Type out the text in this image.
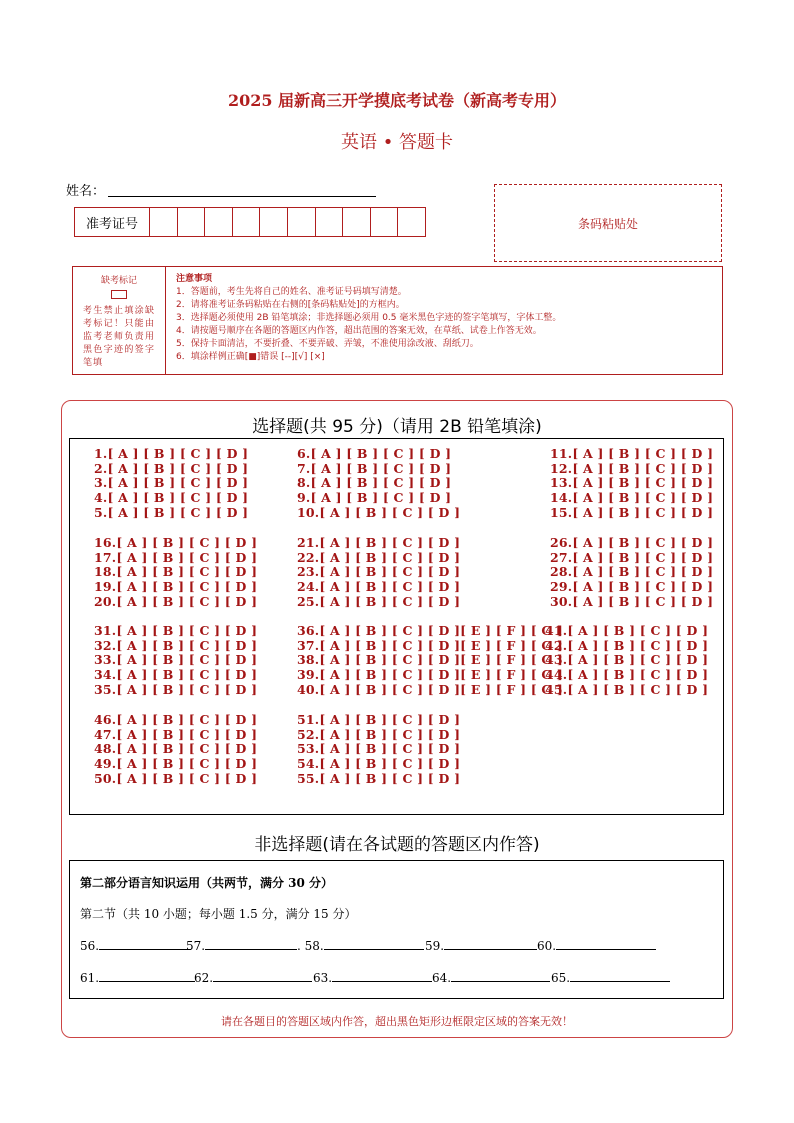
2025 届新高三开学摸底考试卷（新高考专用）
英语 • 答题卡
姓名：
准考证号	条码粘贴处
缺考标记
考生禁止填涂缺考标记！只能由监考老师负责用黑色字迹的签字笔填
注意事项
1．答题前，考生先将自己的姓名、准考证号码填写清楚。
2．请将准考证条码粘贴在右侧的[条码粘贴处]的方框内。
3．选择题必须使用 2B 铅笔填涂；非选择题必须用 0.5 毫米黑色字迹的签字笔填写，字体工整。
4．请按题号顺序在各题的答题区内作答，超出范围的答案无效，在草纸、试卷上作答无效。
5．保持卡面清洁，不要折叠、不要弄破、弄皱，不准使用涂改液、刮纸刀。
6．填涂样例正确[■]错误 [--][√] [×]
选择题(共 95 分)（请用 2B 铅笔填涂)
1.[ A ] [ B ] [ C ] [ D ]
2.[ A ] [ B ] [ C ] [ D ]
3.[ A ] [ B ] [ C ] [ D ]
4.[ A ] [ B ] [ C ] [ D ]
5.[ A ] [ B ] [ C ] [ D ]
6.[ A ] [ B ] [ C ] [ D ]
7.[ A ] [ B ] [ C ] [ D ]
8.[ A ] [ B ] [ C ] [ D ]
9.[ A ] [ B ] [ C ] [ D ]
10.[ A ] [ B ] [ C ] [ D ]
11.[ A ] [ B ] [ C ] [ D ]
12.[ A ] [ B ] [ C ] [ D ]
13.[ A ] [ B ] [ C ] [ D ]
14.[ A ] [ B ] [ C ] [ D ]
15.[ A ] [ B ] [ C ] [ D ]
16.[ A ] [ B ] [ C ] [ D ]
17.[ A ] [ B ] [ C ] [ D ]
18.[ A ] [ B ] [ C ] [ D ]
19.[ A ] [ B ] [ C ] [ D ]
20.[ A ] [ B ] [ C ] [ D ]
21.[ A ] [ B ] [ C ] [ D ]
22.[ A ] [ B ] [ C ] [ D ]
23.[ A ] [ B ] [ C ] [ D ]
24.[ A ] [ B ] [ C ] [ D ]
25.[ A ] [ B ] [ C ] [ D ]
26.[ A ] [ B ] [ C ] [ D ]
27.[ A ] [ B ] [ C ] [ D ]
28.[ A ] [ B ] [ C ] [ D ]
29.[ A ] [ B ] [ C ] [ D ]
30.[ A ] [ B ] [ C ] [ D ]
31.[ A ] [ B ] [ C ] [ D ]
32.[ A ] [ B ] [ C ] [ D ]
33.[ A ] [ B ] [ C ] [ D ]
34.[ A ] [ B ] [ C ] [ D ]
35.[ A ] [ B ] [ C ] [ D ]
36.[ A ] [ B ] [ C ] [ D ][ E ] [ F ] [ G ]
37.[ A ] [ B ] [ C ] [ D ][ E ] [ F ] [ G ]
38.[ A ] [ B ] [ C ] [ D ][ E ] [ F ] [ G ]
39.[ A ] [ B ] [ C ] [ D ][ E ] [ F ] [ G ]
40.[ A ] [ B ] [ C ] [ D ][ E ] [ F ] [ G ]
41.[ A ] [ B ] [ C ] [ D ]
42.[ A ] [ B ] [ C ] [ D ]
43.[ A ] [ B ] [ C ] [ D ]
44.[ A ] [ B ] [ C ] [ D ]
45.[ A ] [ B ] [ C ] [ D ]
46.[ A ] [ B ] [ C ] [ D ]
47.[ A ] [ B ] [ C ] [ D ]
48.[ A ] [ B ] [ C ] [ D ]
49.[ A ] [ B ] [ C ] [ D ]
50.[ A ] [ B ] [ C ] [ D ]
51.[ A ] [ B ] [ C ] [ D ]
52.[ A ] [ B ] [ C ] [ D ]
53.[ A ] [ B ] [ C ] [ D ]
54.[ A ] [ B ] [ C ] [ D ]
55.[ A ] [ B ] [ C ] [ D ]
非选择题(请在各试题的答题区内作答)
第二部分语言知识运用（共两节，满分 30 分）
第二节（共 10 小题；每小题 1.5 分，满分 15 分）
56.	57.	. 58.	59.	60.
61.	62.	63.	64.	65.
请在各题目的答题区域内作答，超出黑色矩形边框限定区域的答案无效！
